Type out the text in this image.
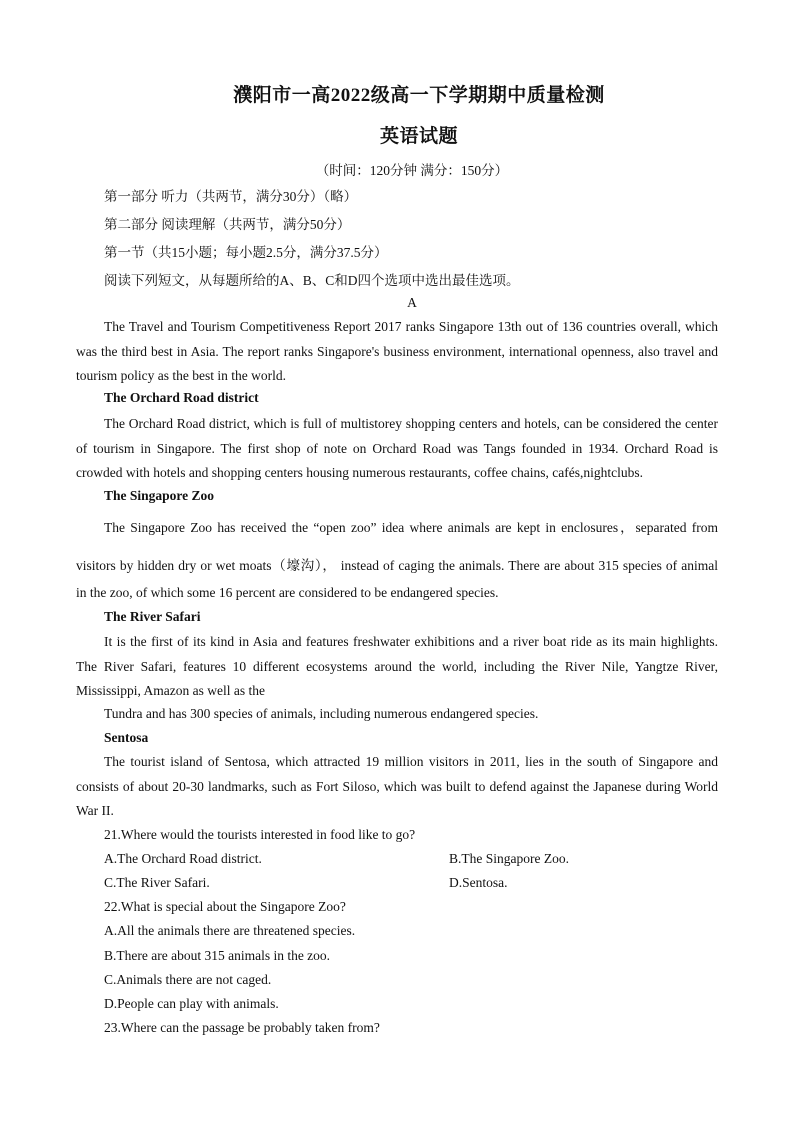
濮阳市一高2022级高一下学期期中质量检测
英语试题
（时间：120分钟 满分：150分）
第一部分 听力（共两节，满分30分）（略）
第二部分 阅读理解（共两节，满分50分）
第一节（共15小题；每小题2.5分，满分37.5分）
阅读下列短文，从每题所给的A、B、C和D四个选项中选出最佳选项。
A
The Travel and Tourism Competitiveness Report 2017 ranks Singapore 13th out of 136 countries overall, which was the third best in Asia. The report ranks Singapore's business environment, international openness, also travel and tourism policy as the best in the world.
The Orchard Road district
The Orchard Road district, which is full of multistorey shopping centers and hotels, can be considered the center of tourism in Singapore. The first shop of note on Orchard Road was Tangs founded in 1934. Orchard Road is crowded with hotels and shopping centers housing numerous restaurants, coffee chains, cafés,nightclubs.
The Singapore Zoo
The Singapore Zoo has received the “open zoo” idea where animals are kept in enclosures，separated from
visitors by hidden dry or wet moats（壕沟）， instead of caging the animals. There are about 315 species of animal
in the zoo, of which some 16 percent are considered to be endangered species.
The River Safari
It is the first of its kind in Asia and features freshwater exhibitions and a river boat ride as its main highlights. The River Safari, features 10 different ecosystems around the world, including the River Nile, Yangtze River, Mississippi, Amazon as well as the
Tundra and has 300 species of animals, including numerous endangered species.
Sentosa
The tourist island of Sentosa, which attracted 19 million visitors in 2011, lies in the south of Singapore and consists of about 20-30 landmarks, such as Fort Siloso, which was built to defend against the Japanese during World War II.
21.Where would the tourists interested in food like to go?
A.The Orchard Road district.	B.The Singapore Zoo.
C.The River Safari.	D.Sentosa.
22.What is special about the Singapore Zoo?
A.All the animals there are threatened species.
B.There are about 315 animals in the zoo.
C.Animals there are not caged.
D.People can play with animals.
23.Where can the passage be probably taken from?
